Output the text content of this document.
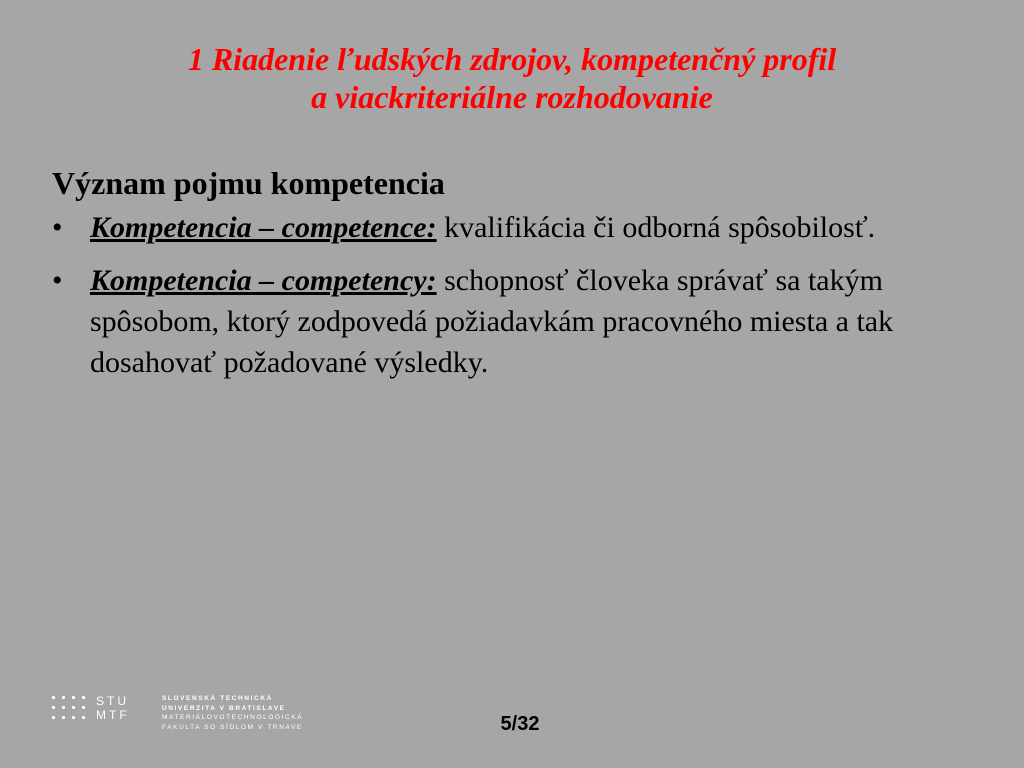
1 Riadenie ľudských zdrojov, kompetenčný profil
a viackriteriálne rozhodovanie
Význam pojmu kompetencia
• Kompetencia – competence: kvalifikácia či odborná spôsobilosť.
• Kompetencia – competency: schopnosť človeka správať sa takým spôsobom, ktorý zodpovedá požiadavkám pracovného miesta a tak dosahovať požadované výsledky.
STU
MTF
SLOVENSKÁ TECHNICKÁ
UNIVERZITA V BRATISLAVE
MATERIÁLOVOTECHNOLOGICKÁ
FAKULTA SO SÍDLOM V TRNAVE	5/32
